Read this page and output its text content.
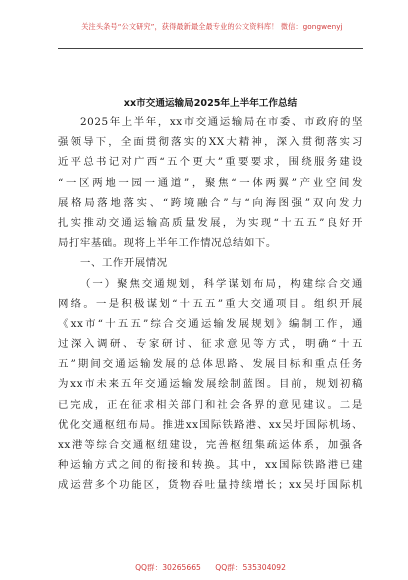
关注头条号“公文研究”，获得最新最全最专业的公文资料库！ 微信：gongwenyj
xx市交通运输局2025年上半年工作总结
2025年上半年，xx市交通运输局在市委、市政府的坚
强领导下，全面贯彻落实的XX大精神，深入贯彻落实习
近平总书记对广西“五个更大”重要要求，围绕服务建设
“一区两地一园一通道”，聚焦“一体两翼”产业空间发
展格局落地落实、“跨境融合”与“向海图强”双向发力
扎实推动交通运输高质量发展，为实现“十五五”良好开
局打牢基础。现将上半年工作情况总结如下。
一、工作开展情况
（一）聚焦交通规划，科学谋划布局，构建综合交通
网络。一是积极谋划“十五五”重大交通项目。组织开展
《xx市“十五五”综合交通运输发展规划》编制工作，通
过深入调研、专家研讨、征求意见等方式，明确“十五
五”期间交通运输发展的总体思路、发展目标和重点任务
为xx市未来五年交通运输发展绘制蓝图。目前，规划初稿
已完成，正在征求相关部门和社会各界的意见建议。二是
优化交通枢纽布局。推进xx国际铁路港、xx吴圩国际机场、
xx港等综合交通枢纽建设，完善枢纽集疏运体系，加强各
种运输方式之间的衔接和转换。其中，xx国际铁路港已建
成运营多个功能区，货物吞吐量持续增长；xx吴圩国际机
QQ群：30265665 QQ群：535304092
